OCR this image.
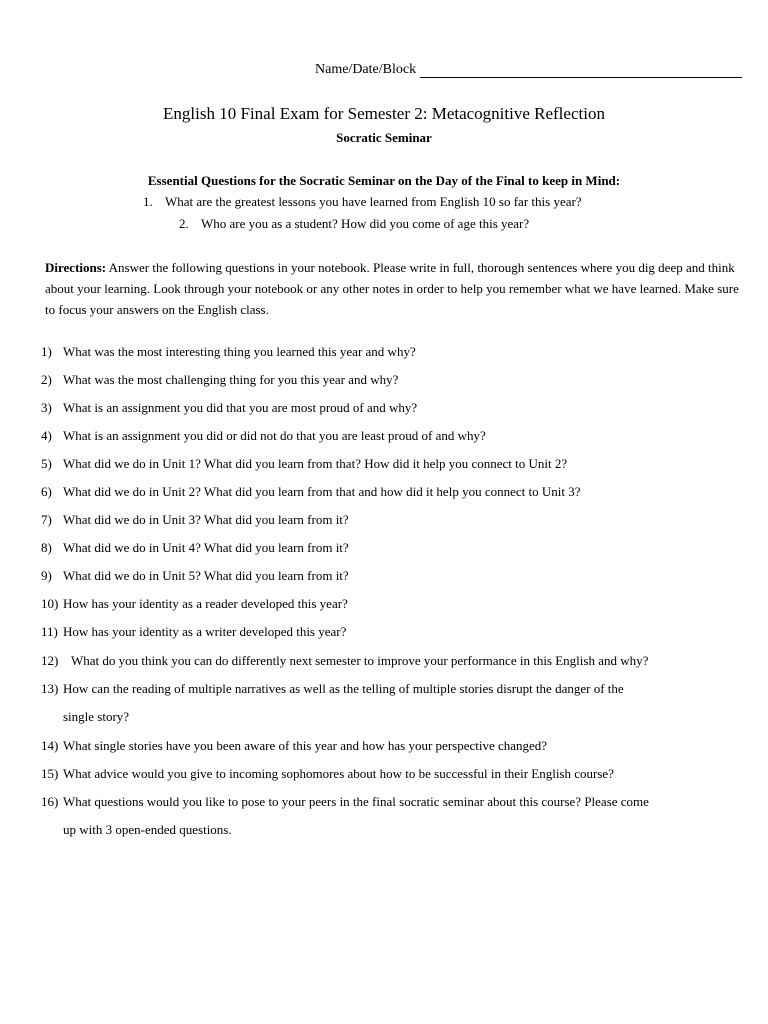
Name/Date/Block
English 10 Final Exam for Semester 2: Metacognitive Reflection
Socratic Seminar
Essential Questions for the Socratic Seminar on the Day of the Final to keep in Mind:
1. What are the greatest lessons you have learned from English 10 so far this year?
2. Who are you as a student? How did you come of age this year?
Directions: Answer the following questions in your notebook. Please write in full, thorough sentences where you dig deep and think about your learning. Look through your notebook or any other notes in order to help you remember what we have learned. Make sure to focus your answers on the English class.
1) What was the most interesting thing you learned this year and why?
2) What was the most challenging thing for you this year and why?
3) What is an assignment you did that you are most proud of and why?
4) What is an assignment you did or did not do that you are least proud of and why?
5) What did we do in Unit 1? What did you learn from that? How did it help you connect to Unit 2?
6) What did we do in Unit 2? What did you learn from that and how did it help you connect to Unit 3?
7) What did we do in Unit 3? What did you learn from it?
8) What did we do in Unit 4? What did you learn from it?
9) What did we do in Unit 5? What did you learn from it?
10) How has your identity as a reader developed this year?
11) How has your identity as a writer developed this year?
12) What do you think you can do differently next semester to improve your performance in this English and why?
13) How can the reading of multiple narratives as well as the telling of multiple stories disrupt the danger of the
single story?
14) What single stories have you been aware of this year and how has your perspective changed?
15) What advice would you give to incoming sophomores about how to be successful in their English course?
16) What questions would you like to pose to your peers in the final socratic seminar about this course? Please come
up with 3 open-ended questions.
